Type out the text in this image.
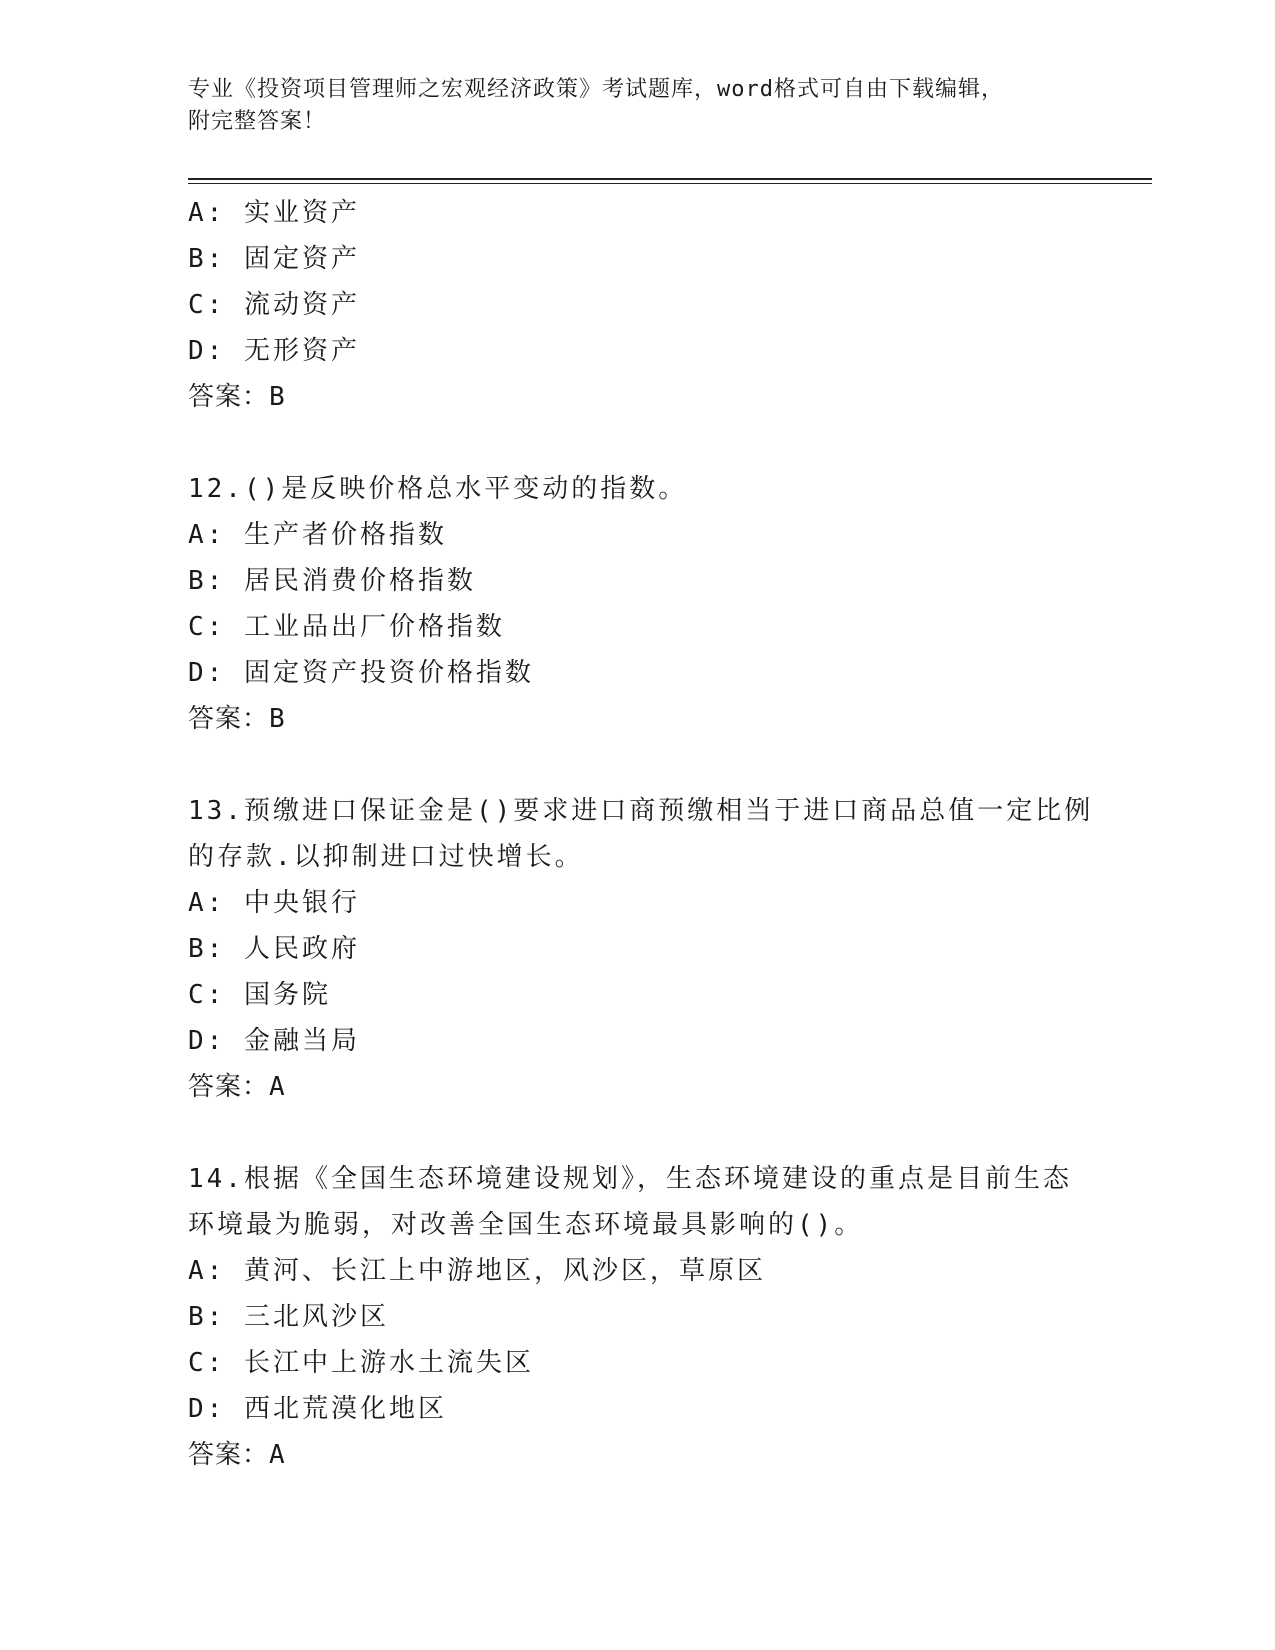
专业《投资项目管理师之宏观经济政策》考试题库，word格式可自由下载编辑，
附完整答案！
A: 实业资产
B: 固定资产
C: 流动资产
D: 无形资产
答案：B
12.()是反映价格总水平变动的指数。
A: 生产者价格指数
B: 居民消费价格指数
C: 工业品出厂价格指数
D: 固定资产投资价格指数
答案：B
13.预缴进口保证金是()要求进口商预缴相当于进口商品总值一定比例
的存款.以抑制进口过快增长。
A: 中央银行
B: 人民政府
C: 国务院
D: 金融当局
答案：A
14.根据《全国生态环境建设规划》，生态环境建设的重点是目前生态
环境最为脆弱，对改善全国生态环境最具影响的()。
A: 黄河、长江上中游地区，风沙区，草原区
B: 三北风沙区
C: 长江中上游水土流失区
D: 西北荒漠化地区
答案：A
